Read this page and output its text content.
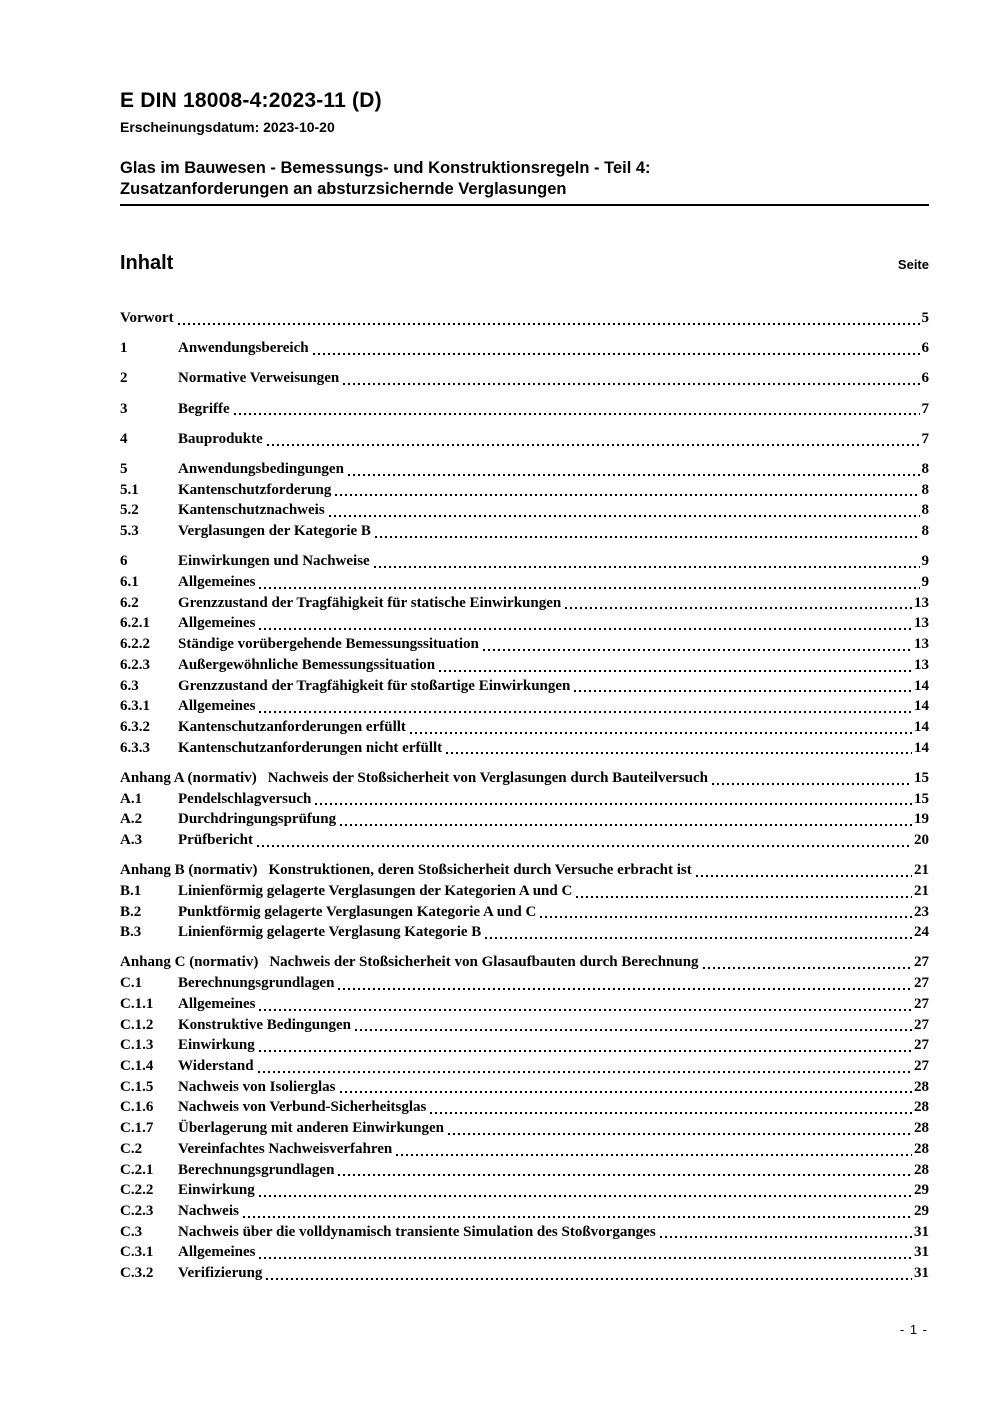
E DIN 18008-4:2023-11 (D)
Erscheinungsdatum: 2023-10-20
Glas im Bauwesen - Bemessungs- und Konstruktionsregeln - Teil 4:
Zusatzanforderungen an absturzsichernde Verglasungen
Inhalt	Seite
Vorwort	5
1	Anwendungsbereich	6
2	Normative Verweisungen	6
3	Begriffe	7
4	Bauprodukte	7
5	Anwendungsbedingungen	8
5.1	Kantenschutzforderung	8
5.2	Kantenschutznachweis	8
5.3	Verglasungen der Kategorie B	8
6	Einwirkungen und Nachweise	9
6.1	Allgemeines	9
6.2	Grenzzustand der Tragfähigkeit für statische Einwirkungen	13
6.2.1	Allgemeines	13
6.2.2	Ständige vorübergehende Bemessungssituation	13
6.2.3	Außergewöhnliche Bemessungssituation	13
6.3	Grenzzustand der Tragfähigkeit für stoßartige Einwirkungen	14
6.3.1	Allgemeines	14
6.3.2	Kantenschutzanforderungen erfüllt	14
6.3.3	Kantenschutzanforderungen nicht erfüllt	14
Anhang A (normativ) Nachweis der Stoßsicherheit von Verglasungen durch Bauteilversuch	15
A.1	Pendelschlagversuch	15
A.2	Durchdringungsprüfung	19
A.3	Prüfbericht	20
Anhang B (normativ) Konstruktionen, deren Stoßsicherheit durch Versuche erbracht ist	21
B.1	Linienförmig gelagerte Verglasungen der Kategorien A und C	21
B.2	Punktförmig gelagerte Verglasungen Kategorie A und C	23
B.3	Linienförmig gelagerte Verglasung Kategorie B	24
Anhang C (normativ) Nachweis der Stoßsicherheit von Glasaufbauten durch Berechnung	27
C.1	Berechnungsgrundlagen	27
C.1.1	Allgemeines	27
C.1.2	Konstruktive Bedingungen	27
C.1.3	Einwirkung	27
C.1.4	Widerstand	27
C.1.5	Nachweis von Isolierglas	28
C.1.6	Nachweis von Verbund-Sicherheitsglas	28
C.1.7	Überlagerung mit anderen Einwirkungen	28
C.2	Vereinfachtes Nachweisverfahren	28
C.2.1	Berechnungsgrundlagen	28
C.2.2	Einwirkung	29
C.2.3	Nachweis	29
C.3	Nachweis über die volldynamisch transiente Simulation des Stoßvorganges	31
C.3.1	Allgemeines	31
C.3.2	Verifizierung	31
- 1 -
